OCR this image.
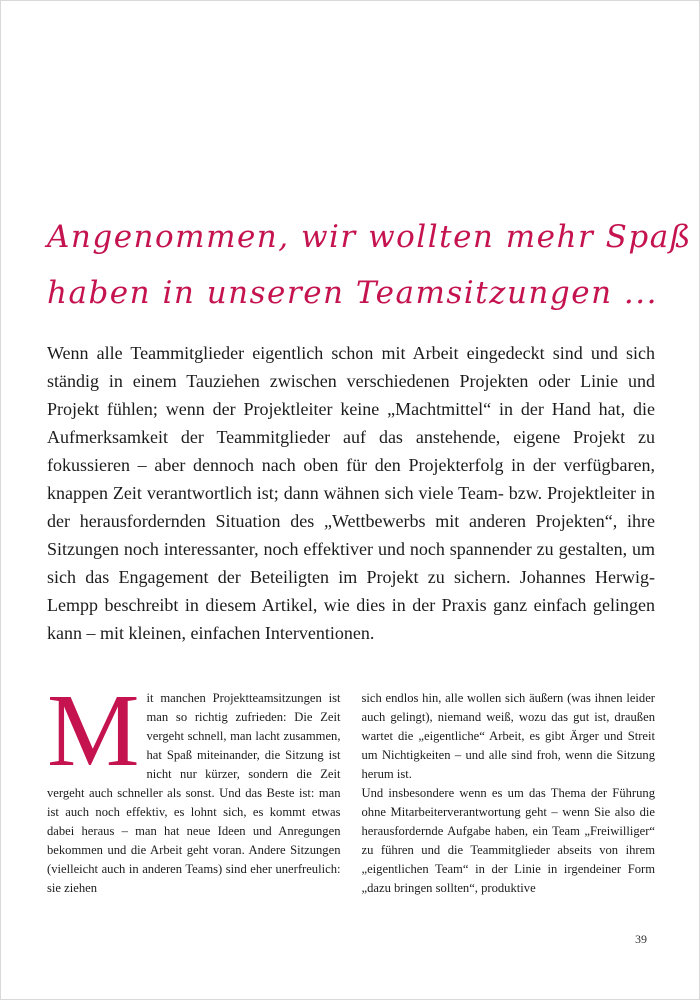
Angenommen, wir wollten mehr Spaß
haben in unseren Teamsitzungen ...
Wenn alle Teammitglieder eigentlich schon mit Arbeit eingedeckt sind und sich ständig in einem Tauziehen zwischen verschiedenen Projekten oder Linie und Projekt fühlen; wenn der Projektleiter keine „Machtmittel“ in der Hand hat, die Aufmerksamkeit der Teammitglieder auf das anstehende, eigene Projekt zu fokussieren – aber dennoch nach oben für den Projekterfolg in der verfügbaren, knappen Zeit verantwortlich ist; dann wähnen sich viele Team- bzw. Projektleiter in der herausfordernden Situation des „Wettbewerbs mit anderen Projekten“, ihre Sitzungen noch interessanter, noch effektiver und noch spannender zu gestalten, um sich das Engagement der Beteiligten im Projekt zu sichern. Johannes Herwig-Lempp beschreibt in diesem Artikel, wie dies in der Praxis ganz einfach gelingen kann – mit kleinen, einfachen Interventionen.

Mit manchen Projektteamsitzungen ist man so richtig zufrieden: Die Zeit vergeht schnell, man lacht zusammen, hat Spaß miteinander, die Sitzung ist nicht nur kürzer, sondern die Zeit vergeht auch schneller als sonst. Und das Beste ist: man ist auch noch effektiv, es lohnt sich, es kommt etwas dabei heraus – man hat neue Ideen und Anregungen bekommen und die Arbeit geht voran. Andere Sitzungen (vielleicht auch in anderen Teams) sind eher unerfreulich: sie ziehen

sich endlos hin, alle wollen sich äußern (was ihnen leider auch gelingt), niemand weiß, wozu das gut ist, draußen wartet die „eigentliche“ Arbeit, es gibt Ärger und Streit um Nichtigkeiten – und alle sind froh, wenn die Sitzung herum ist.

Und insbesondere wenn es um das Thema der Führung ohne Mitarbeiterverantwortung geht – wenn Sie also die herausfordernde Aufgabe haben, ein Team „Freiwilliger“ zu führen und die Teammitglieder abseits von ihrem „eigentlichen Team“ in der Linie in irgendeiner Form „dazu bringen sollten“, produktive

39
